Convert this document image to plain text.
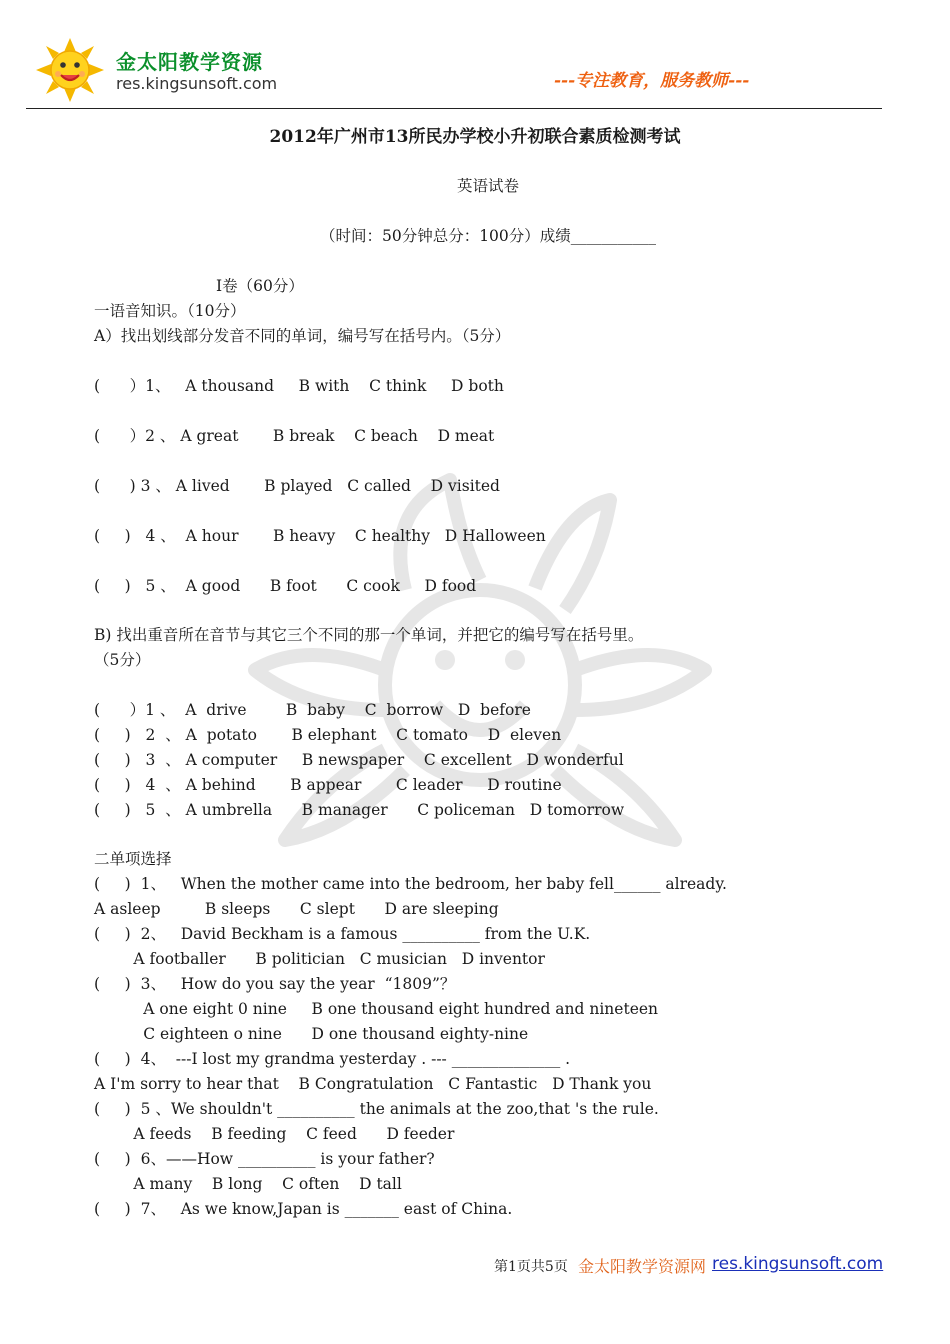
金太阳教学资源
res.kingsunsoft.com	---专注教育，服务教师---
2012年广州市13所民办学校小升初联合素质检测考试
英语试卷
（时间：50分钟总分：100分）成绩___________
I卷（60分）
一语音知识。（10分）
A）找出划线部分发音不同的单词，编号写在括号内。（5分）
(      ）1、   A thousand     B with    C think     D both
(      ）2 、 A great       B break    C beach    D meat
(      ) 3 、 A lived       B played   C called    D visited
(     )   4 、  A hour       B heavy    C healthy   D Halloween
(     )   5 、  A good      B foot      C cook     D food
B) 找出重音所在音节与其它三个不同的那一个单词，并把它的编号写在括号里。
（5分）
(      ）1 、  A  drive        B  baby    C  borrow   D  before
(     )   2  、 A  potato       B elephant    C tomato    D  eleven
(     )   3  、 A computer     B newspaper    C excellent   D wonderful
(     )   4  、 A behind       B appear       C leader     D routine
(     )   5  、 A umbrella      B manager      C policeman   D tomorrow
二单项选择
(     )  1、   When the mother came into the bedroom, her baby fell______ already.
A asleep         B sleeps      C slept      D are sleeping
(     )  2、   David Beckham is a famous __________ from the U.K.
A footballer      B politician   C musician   D inventor
(     )  3、   How do you say the year  “1809”？
A one eight 0 nine     B one thousand eight hundred and nineteen
C eighteen o nine      D one thousand eighty-nine
(     )  4、  ---I lost my grandma yesterday . --- ______________ .
A I'm sorry to hear that    B Congratulation   C Fantastic   D Thank you
(     )  5 、We shouldn't __________ the animals at the zoo,that 's the rule.
A feeds    B feeding    C feed      D feeder
(     )  6、——How __________ is your father?
A many    B long    C often    D tall
(     )  7、   As we know,Japan is _______ east of China.
第1页共5页 金太阳教学资源网 res.kingsunsoft.com
